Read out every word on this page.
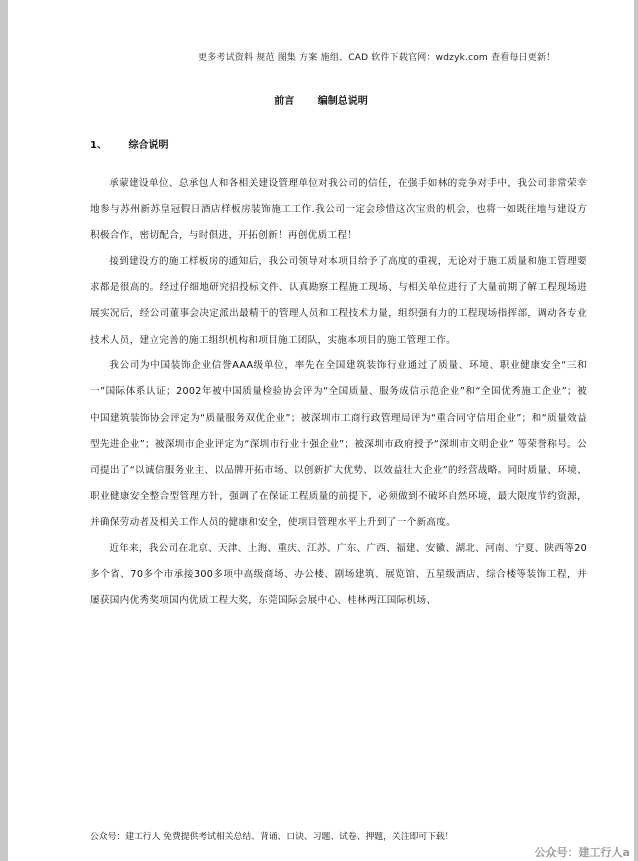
更多考试资料 规范 图集 方案 施组、CAD 软件下载官网：wdzyk.com 查看每日更新！
前言 编制总说明
1、 综合说明

承蒙建设单位、总承包人和各相关建设管理单位对我公司的信任，在强手如林的竞争对手中，我公司非常荣幸地参与苏州新苏皇冠假日酒店样板房装饰施工工作.我公司一定会珍惜这次宝贵的机会，也将一如既往地与建设方积极合作，密切配合，与时俱进，开拓创新！再创优质工程！

接到建设方的施工样板房的通知后，我公司领导对本项目给予了高度的重视，无论对于施工质量和施工管理要求都是很高的。经过仔细地研究招投标文件、认真勘察工程施工现场、与相关单位进行了大量前期了解工程现场进展实况后，经公司董事会决定派出最精干的管理人员和工程技术力量，组织强有力的工程现场指挥部，调动各专业技术人员，建立完善的施工组织机构和项目施工团队，实施本项目的施工管理工作。

我公司为中国装饰企业信誉AAA级单位，率先在全国建筑装饰行业通过了质量、环境、职业健康安全“三和一”国际体系认证；2002年被中国质量检验协会评为“全国质量、服务成信示范企业”和“全国优秀施工企业”；被中国建筑装饰协会评定为“质量服务双优企业”；被深圳市工商行政管理局评为“重合同守信用企业”；和“质量效益型先进企业”；被深圳市企业评定为“深圳市行业十强企业”；被深圳市政府授予“深圳市文明企业” 等荣誉称号。公司提出了“以诚信服务业主、以品牌开拓市场、以创新扩大优势、以效益壮大企业”的经营战略。同时质量、环境、职业健康安全整合型管理方针，强调了在保证工程质量的前提下，必须做到不破坏自然环境，最大限度节约资源，并确保劳动者及相关工作人员的健康和安全，使项目管理水平上升到了一个新高度。

近年来，我公司在北京、天津、上海、重庆、江苏、广东、广西、福建、安徽、湖北、河南、宁夏、陕西等20多个省、70多个市承接300多项中高级商场、办公楼、剧场建筑、展览馆、五星级酒店、综合楼等装饰工程，并屡获国内优秀奖项国内优质工程大奖，东莞国际会展中心、桂林两江国际机场、

公众号：建工行人 免费提供考试相关总结、背诵、口诀、习题、试卷、押题，关注即可下载！
公众号：建工行人a
